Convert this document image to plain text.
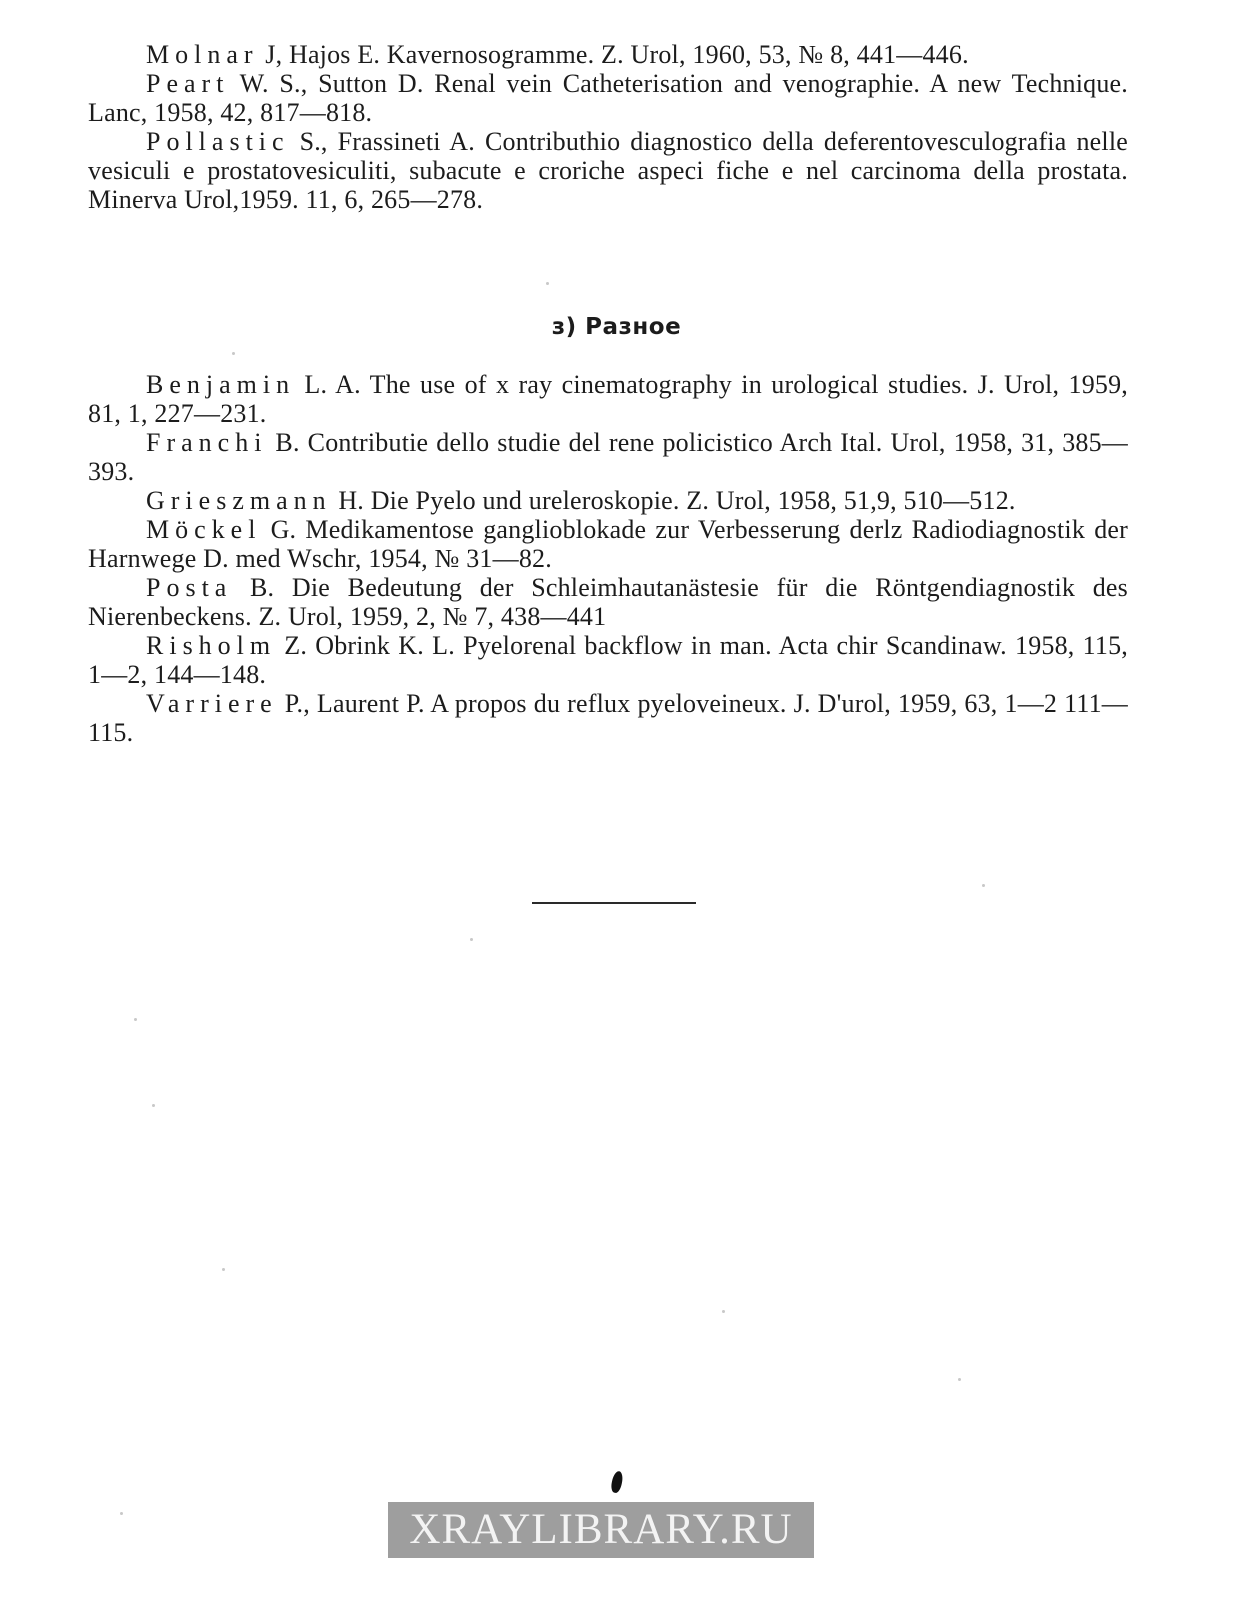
Molnar J, Hajos E. Kavernosogramme. Z. Urol, 1960, 53, № 8, 441—446.
Peart W. S., Sutton D. Renal vein Catheterisation and venographie. A new Technique. Lanc, 1958, 42, 817—818.
Pollastic S., Frassineti A. Contributhio diagnostico della deferentovesculografia nelle vesiculi e prostatovesiculiti, subacute e croriche aspeci fiche e nel carcinoma della prostata. Minerva Urol,1959. 11, 6, 265—278.
з) Разное
Benjamin L. A. The use of x ray cinematography in urological studies. J. Urol, 1959, 81, 1, 227—231.
Franchi B. Contributie dello studie del rene policistico Arch Ital. Urol, 1958, 31, 385—393.
Grieszmann H. Die Pyelo und ureleroskopie. Z. Urol, 1958, 51,9, 510—512.
Möckel G. Medikamentose ganglioblokade zur Verbesserung derlz Radiodiagnostik der Harnwege D. med Wschr, 1954, № 31—82.
Posta B. Die Bedeutung der Schleimhautanästesie für die Röntgendiagnostik des Nierenbeckens. Z. Urol, 1959, 2, № 7, 438—441
Risholm Z. Obrink K. L. Pyelorenal backflow in man. Acta chir Scandinaw. 1958, 115, 1—2, 144—148.
Varriere P., Laurent P. A propos du reflux pyeloveineux. J. D'urol, 1959, 63, 1—2 111—115.
XRAYLIBRARY.RU
